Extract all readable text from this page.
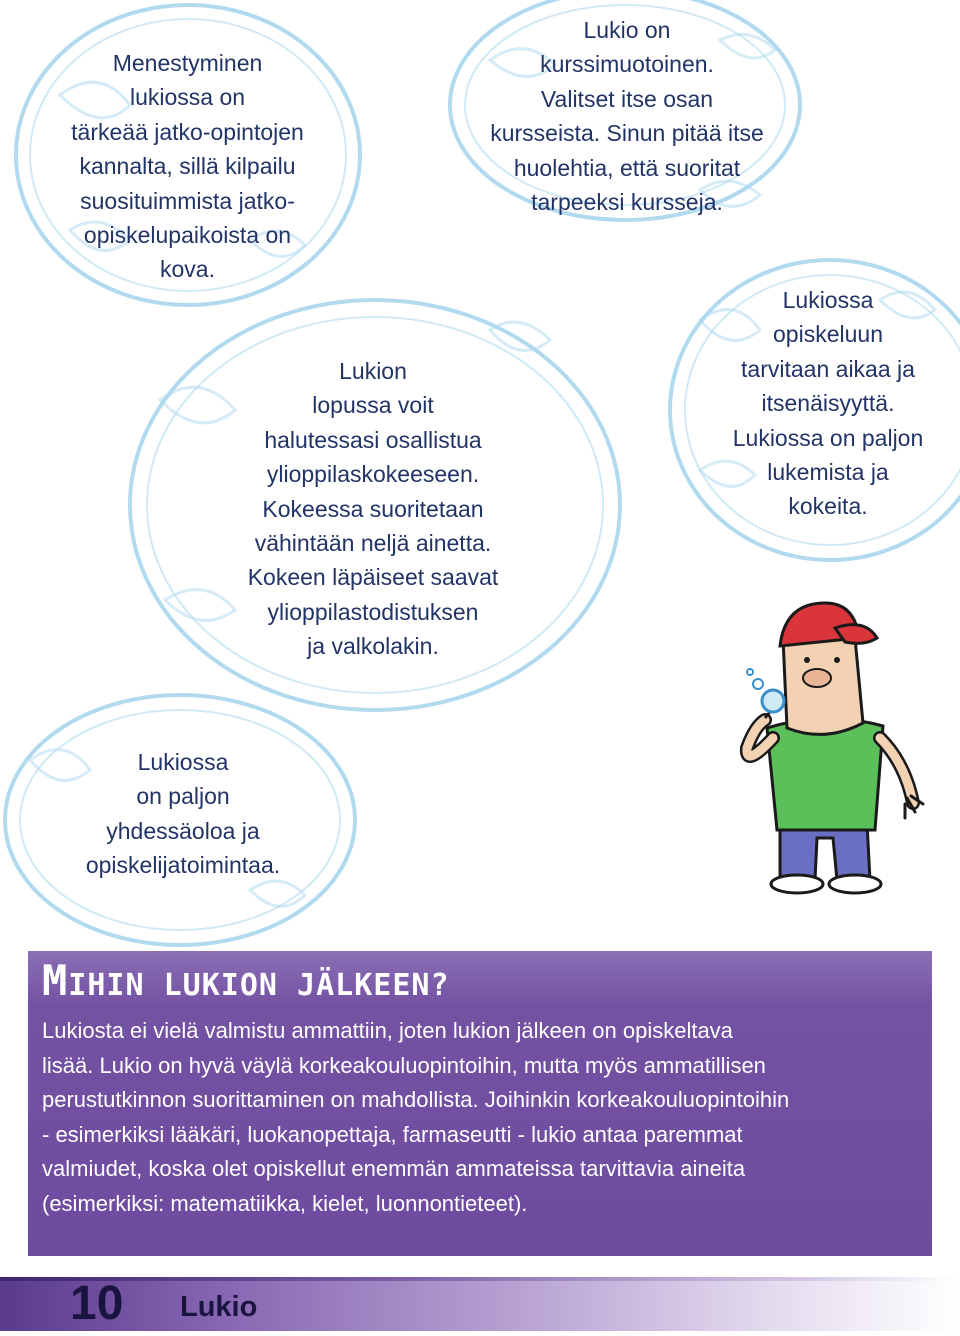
Menestyminen
lukiossa on
tärkeää jatko-opintojen
kannalta, sillä kilpailu
suosituimmista jatko-
opiskelupaikoista on
kova.
Lukio on
kurssimuotoinen.
Valitset itse osan
kursseista. Sinun pitää itse
huolehtia, että suoritat
tarpeeksi kursseja.
Lukiossa
opiskeluun
tarvitaan aikaa ja
itsenäisyyttä.
Lukiossa on paljon
lukemista ja
kokeita.
Lukion
lopussa voit
halutessasi osallistua
ylioppilaskokeeseen.
Kokeessa suoritetaan
vähintään neljä ainetta.
Kokeen läpäiseet saavat
ylioppilastodistuksen
ja valkolakin.
Lukiossa
on paljon
yhdessäoloa ja
opiskelijatoimintaa.
MIHIN LUKION JÄLKEEN?
Lukiosta ei vielä valmistu ammattiin, joten lukion jälkeen on opiskeltava
lisää. Lukio on hyvä väylä korkeakouluopintoihin, mutta myös ammatillisen
perustutkinnon suorittaminen on mahdollista. Joihinkin korkeakouluopintoihin
- esimerkiksi lääkäri, luokanopettaja, farmaseutti - lukio antaa paremmat
valmiudet, koska olet opiskellut enemmän ammateissa tarvittavia aineita
(esimerkiksi: matematiikka, kielet, luonnontieteet).

10 Lukio
